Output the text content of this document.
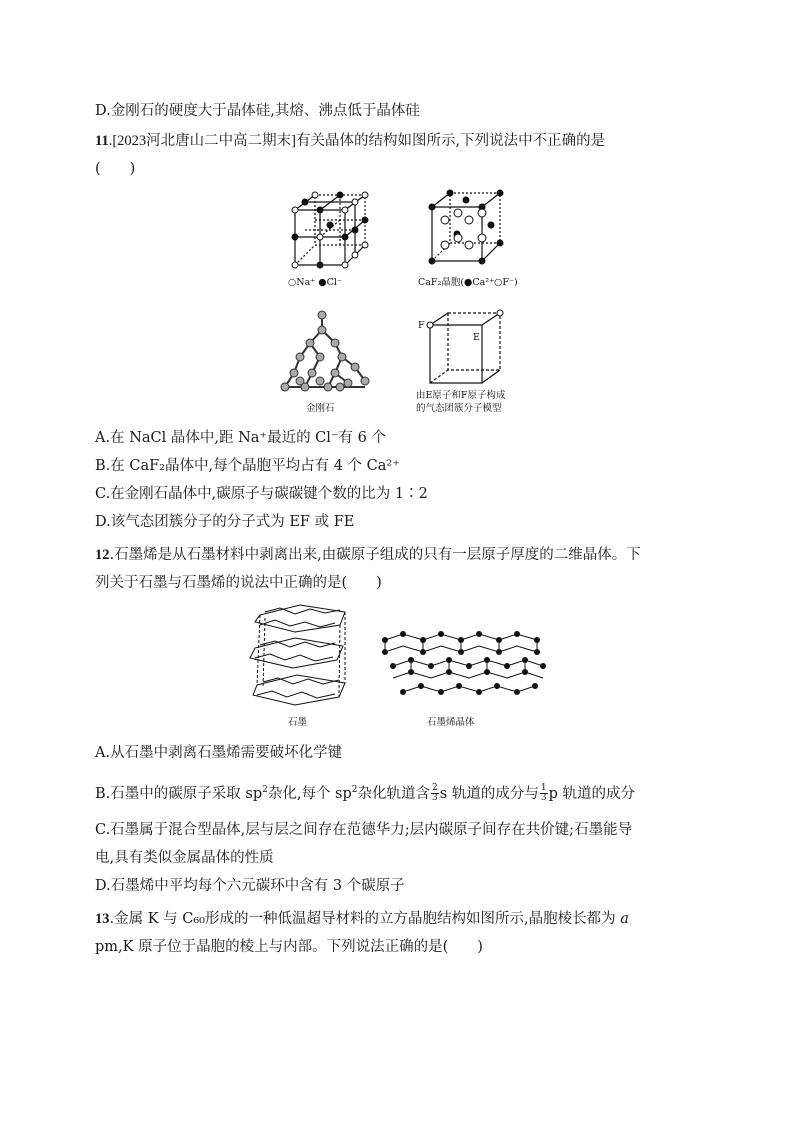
D.金刚石的硬度大于晶体硅,其熔、沸点低于晶体硅
11.[2023河北唐山二中高二期末]有关晶体的结构如图所示,下列说法中不正确的是
(　　)
○Na⁺ ●Cl⁻	CaF₂晶胞(●Ca²⁺○F⁻)
金刚石
F
E
由E原子和F原子构成
的气态团簇分子模型
A.在 NaCl 晶体中,距 Na⁺最近的 Cl⁻有 6 个
B.在 CaF₂晶体中,每个晶胞平均占有 4 个 Ca²⁺
C.在金刚石晶体中,碳原子与碳碳键个数的比为 1∶2
D.该气态团簇分子的分子式为 EF 或 FE
12.石墨烯是从石墨材料中剥离出来,由碳原子组成的只有一层原子厚度的二维晶体。下
列关于石墨与石墨烯的说法中正确的是(　　)
石墨	石墨烯晶体
A.从石墨中剥离石墨烯需要破坏化学键
B.石墨中的碳原子采取 $sp^2$杂化,每个 $sp^2$杂化轨道含 $\frac{2}{3}$ s 轨道的成分与 $\frac{1}{3}$ p 轨道的成分
C.石墨属于混合型晶体,层与层之间存在范德华力;层内碳原子间存在共价键;石墨能导
电,具有类似金属晶体的性质
D.石墨烯中平均每个六元碳环中含有 3 个碳原子
13.金属 K 与 C₆₀形成的一种低温超导材料的立方晶胞结构如图所示,晶胞棱长都为 a
pm,K 原子位于晶胞的棱上与内部。下列说法正确的是(　　)
